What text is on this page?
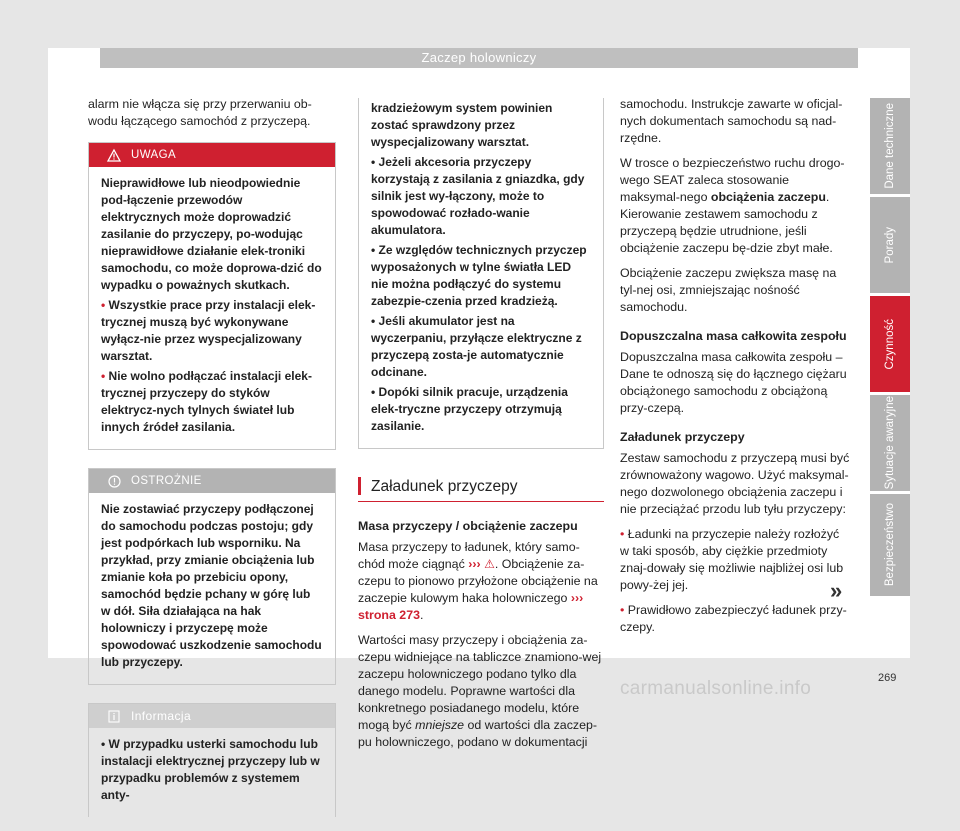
Zaczep holowniczy

alarm nie włącza się przy przerwaniu ob-wodu łączącego samochód z przyczepą.

UWAGA

Nieprawidłowe lub nieodpowiednie pod-łączenie przewodów elektrycznych może doprowadzić zasilanie do przyczepy, po-wodując nieprawidłowe działanie elek-troniki samochodu, co może doprowa-dzić do wypadku o poważnych skutkach.

• Wszystkie prace przy instalacji elek-trycznej muszą być wykonywane wyłącz-nie przez wyspecjalizowany warsztat.

• Nie wolno podłączać instalacji elek-trycznej przyczepy do styków elektrycz-nych tylnych świateł lub innych źródeł zasilania.

OSTROŻNIE

Nie zostawiać przyczepy podłączonej do samochodu podczas postoju; gdy jest podpórkach lub wsporniku. Na przykład, przy zmianie obciążenia lub zmianie koła po przebiciu opony, samochód będzie pchany w górę lub w dół. Siła działająca na hak holowniczy i przyczepę może spowodować uszkodzenie samochodu lub przyczepy.

Informacja

• W przypadku usterki samochodu lub instalacji elektrycznej przyczepy lub w przypadku problemów z systemem anty-

kradzieżowym system powinien zostać sprawdzony przez wyspecjalizowany warsztat.

• Jeżeli akcesoria przyczepy korzystają z zasilania z gniazdka, gdy silnik jest wy-łączony, może to spowodować rozłado-wanie akumulatora.

• Ze względów technicznych przyczep wyposażonych w tylne światła LED nie można podłączyć do systemu zabezpie-czenia przed kradzieżą.

• Jeśli akumulator jest na wyczerpaniu, przyłącze elektryczne z przyczepą zosta-je automatycznie odcinane.

• Dopóki silnik pracuje, urządzenia elek-tryczne przyczepy otrzymują zasilanie.

Załadunek przyczepy

Masa przyczepy / obciążenie zaczepu

Masa przyczepy to ładunek, który samo-chód może ciągnąć ››› ⚠. Obciążenie za-czepu to pionowo przyłożone obciążenie na zaczepie kulowym haka holowniczego ››› strona 273.

Wartości masy przyczepy i obciążenia za-czepu widniejące na tabliczce znamiono-wej zaczepu holowniczego podano tylko dla danego modelu. Poprawne wartości dla konkretnego posiadanego modelu, które mogą być mniejsze od wartości dla zaczep-pu holowniczego, podano w dokumentacji

samochodu. Instrukcje zawarte w oficjal-nych dokumentach samochodu są nad-rzędne.

W trosce o bezpieczeństwo ruchu drogo-wego SEAT zaleca stosowanie maksymal-nego obciążenia zaczepu. Kierowanie zestawem samochodu z przyczepą będzie utrudnione, jeśli obciążenie zaczepu bę-dzie zbyt małe.

Obciążenie zaczepu zwiększa masę na tyl-nej osi, zmniejszając nośność samochodu.

Dopuszczalna masa całkowita zespołu

Dopuszczalna masa całkowita zespołu – Dane te odnoszą się do łącznego ciężaru obciążonego samochodu z obciążoną przy-czepą.

Załadunek przyczepy

Zestaw samochodu z przyczepą musi być zrównoważony wagowo. Użyć maksymal-nego dozwolonego obciążenia zaczepu i nie przeciążać przodu lub tyłu przyczepy:

• Ładunki na przyczepie należy rozłożyć w taki sposób, aby ciężkie przedmioty znaj-dowały się możliwie najbliżej osi lub powy-żej jej.

• Prawidłowo zabezpieczyć ładunek przy-czepy.

»
Dane techniczne
Porady
Czynność
Sytuacje awaryjne
Bezpieczeństwo
269
carmanualsonline.info
